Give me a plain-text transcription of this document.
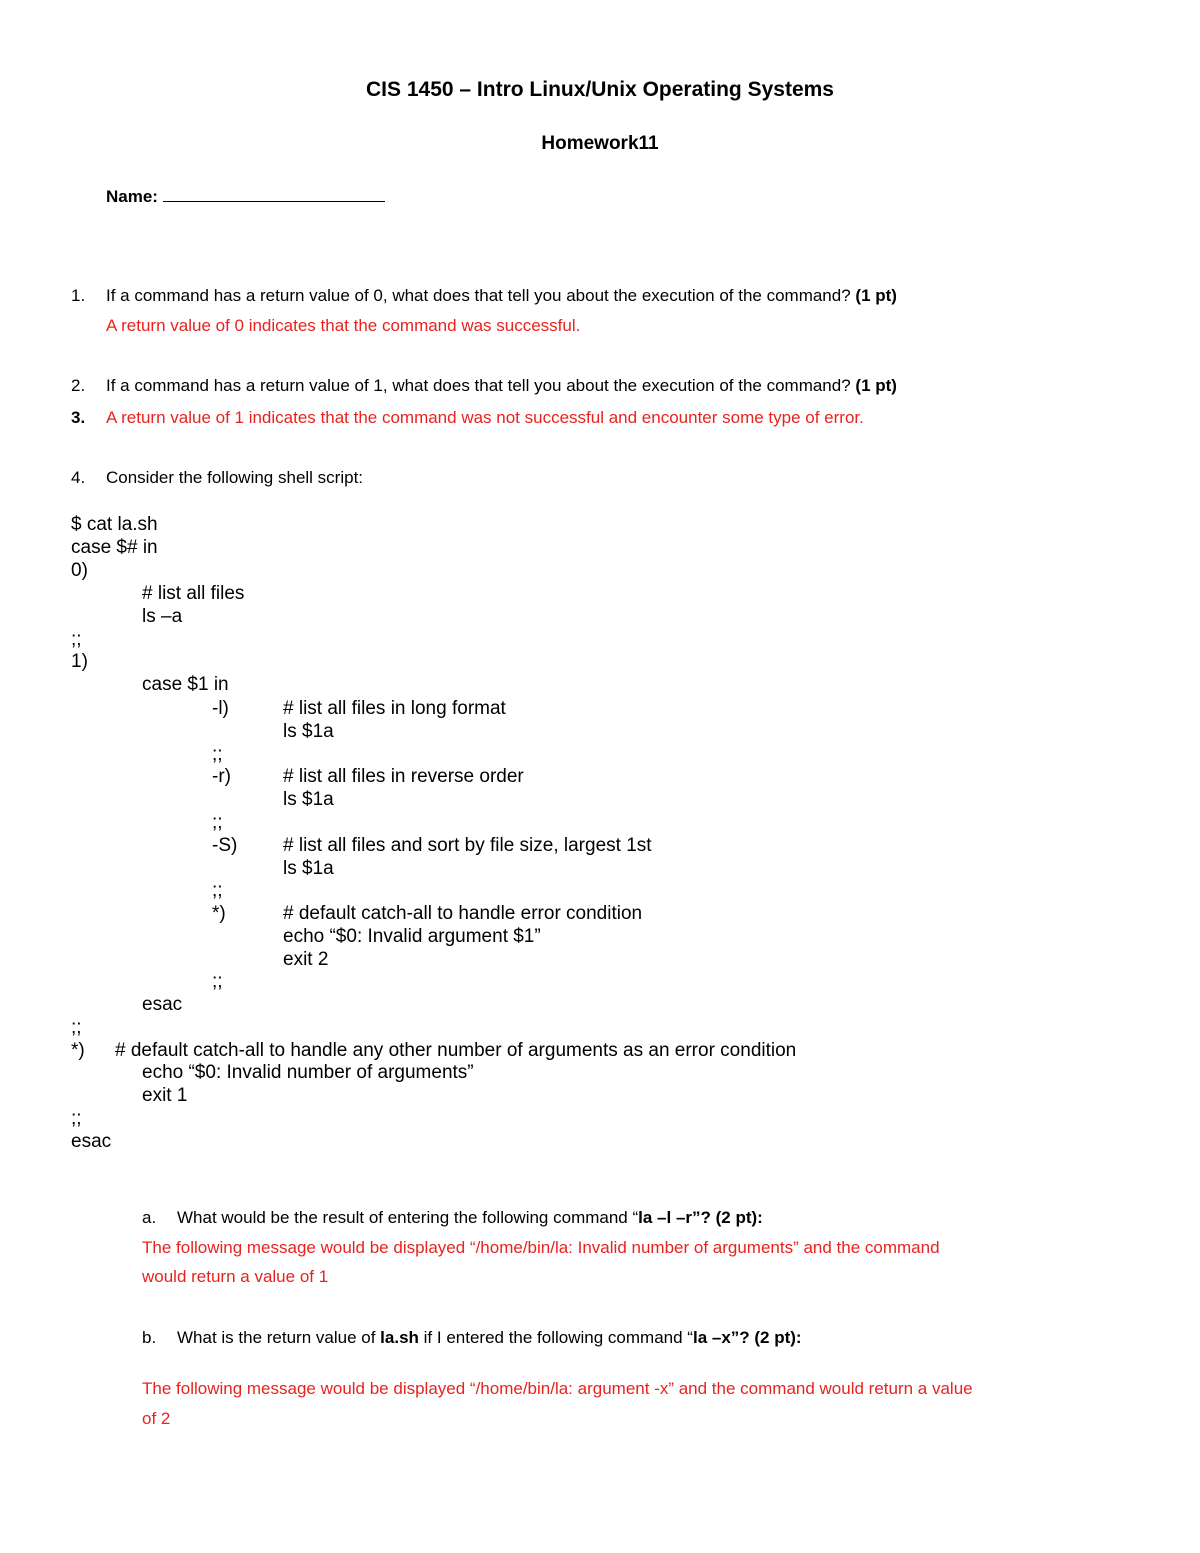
CIS 1450 – Intro Linux/Unix Operating Systems
Homework11
Name:
1. If a command has a return value of 0, what does that tell you about the execution of the command? (1 pt)
A return value of 0 indicates that the command was successful.
2. If a command has a return value of 1, what does that tell you about the execution of the command? (1 pt)
3. A return value of 1 indicates that the command was not successful and encounter some type of error.
4. Consider the following shell script:
$ cat la.sh
case $# in
0)
# list all files
ls –a
;;
1)
case $1 in
-l)	# list all files in long format
ls $1a
;;
-r)	# list all files in reverse order
ls $1a
;;
-S) # list all files and sort by file size, largest 1st
ls $1a
;;
*)	# default catch-all to handle error condition
echo “$0: Invalid argument $1”
exit 2
;;
esac
;;
*) # default catch-all to handle any other number of arguments as an error condition
echo “$0: Invalid number of arguments”
exit 1
;;
esac
a. What would be the result of entering the following command “la –l –r”? (2 pt):
The following message would be displayed “/home/bin/la: Invalid number of arguments” and the command
would return a value of 1
b. What is the return value of la.sh if I entered the following command “la –x”? (2 pt):
The following message would be displayed “/home/bin/la: argument -x” and the command would return a value
of 2
